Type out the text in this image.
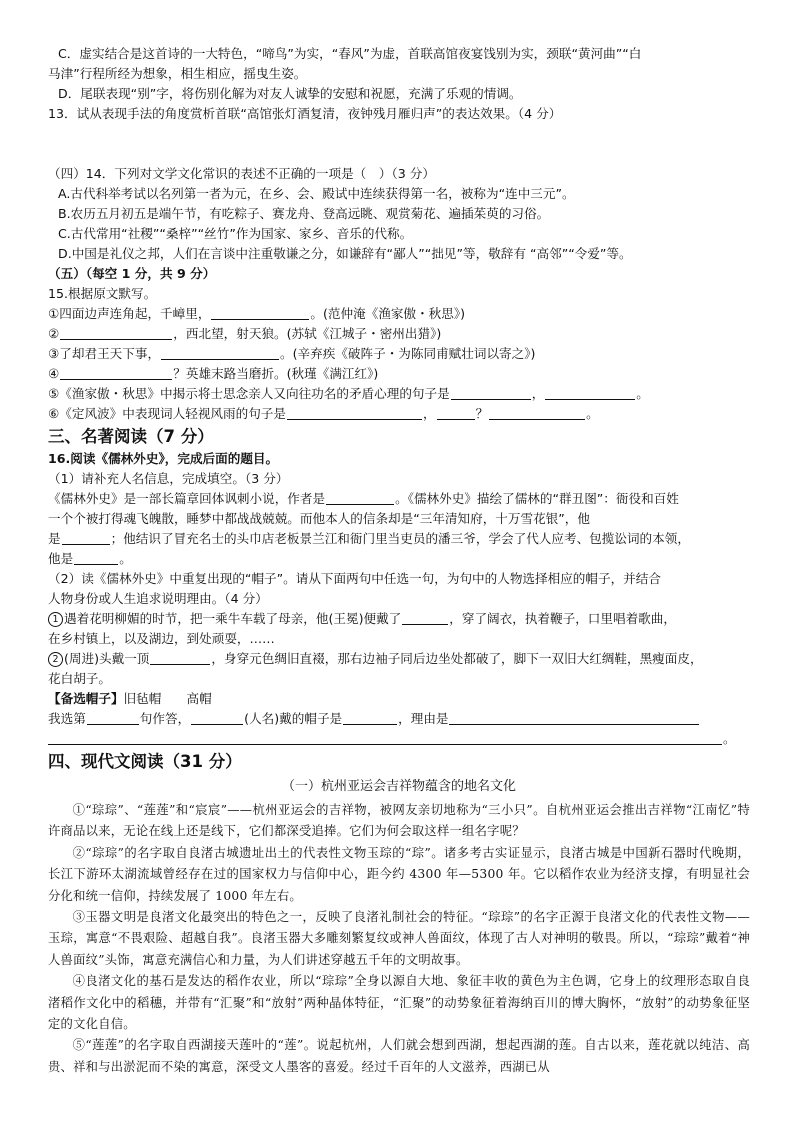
C．虚实结合是这首诗的一大特色，“啼鸟”为实，“春风”为虚，首联高馆夜宴饯别为实，颈联“黄河曲”“白
马津”行程所经为想象，相生相应，摇曳生姿。
D．尾联表现“别”字，将伤别化解为对友人诚挚的安慰和祝愿，充满了乐观的情调。
13．试从表现手法的角度赏析首联“高馆张灯酒复清，夜钟残月雁归声”的表达效果。（4 分）
（四）14．下列对文学文化常识的表述不正确的一项是（　）（3 分）
A.古代科举考试以名列第一者为元，在乡、会、殿试中连续获得第一名，被称为“连中三元”。
B.农历五月初五是端午节，有吃粽子、赛龙舟、登高远眺、观赏菊花、遍插茱萸的习俗。
C.古代常用“社稷”“桑梓”“丝竹”作为国家、家乡、音乐的代称。
D.中国是礼仪之邦，人们在言谈中注重敬谦之分，如谦辞有“鄙人”“拙见”等，敬辞有 “高邻”“令爱”等。
（五）（每空 1 分，共 9 分）
15.根据原文默写。
①四面边声连角起，千嶂里，	。(范仲淹《渔家傲・秋思》)
②	，西北望，射天狼。(苏轼《江城子・密州出猎》)
③了却君王天下事，	。(辛弃疾《破阵子・为陈同甫赋壮词以寄之》)
④	？英雄末路当磨折。(秋瑾《满江红》)
⑤《渔家傲・秋思》中揭示将士思念亲人又向往功名的矛盾心理的句子是	，	。
⑥《定风波》中表现词人轻视风雨的句子是	，	？	。
三、名著阅读（7 分）
16.阅读《儒林外史》，完成后面的题目。
（1）请补充人名信息，完成填空。（3 分）
《儒林外史》是一部长篇章回体讽刺小说，作者是	。《儒林外史》描绘了儒林的“群丑图”：衙役和百姓
一个个被打得魂飞魄散，睡梦中都战战兢兢。而他本人的信条却是“三年清知府，十万雪花银”，他
是	；他结识了冒充名士的头巾店老板景兰江和衙门里当吏员的潘三爷，学会了代人应考、包揽讼词的本领，
他是	。
（2）读《儒林外史》中重复出现的“帽子”。请从下面两句中任选一句，为句中的人物选择相应的帽子，并结合
人物身份或人生追求说明理由。（4 分）
1 遇着花明柳媚的时节，把一乘牛车载了母亲，他(王冕)便戴了	，穿了阔衣，执着鞭子，口里唱着歌曲，
在乡村镇上，以及湖边，到处顽耍，……
2 (周进)头戴一顶	，身穿元色绸旧直裰，那右边袖子同后边坐处都破了，脚下一双旧大红绸鞋，黑瘦面皮，
花白胡子。
【备选帽子】旧毡帽　　高帽
我选第	句作答，	(人名)戴的帽子是	，理由是
。
四、现代文阅读（31 分）
（一）杭州亚运会吉祥物蕴含的地名文化

①“琮琮”、“莲莲”和“宸宸”——杭州亚运会的吉祥物，被网友亲切地称为“三小只”。自杭州亚运会推出吉祥物“江南忆”特许商品以来，无论在线上还是线下，它们都深受追捧。它们为何会取这样一组名字呢？

②“琮琮”的名字取自良渚古城遗址出土的代表性文物玉琮的“琮”。诸多考古实证显示，良渚古城是中国新石器时代晚期，长江下游环太湖流域曾经存在过的国家权力与信仰中心，距今约 4300 年—5300 年。它以稻作农业为经济支撑，有明显社会分化和统一信仰，持续发展了 1000 年左右。

③玉器文明是良渚文化最突出的特色之一，反映了良渚礼制社会的特征。“琮琮”的名字正源于良渚文化的代表性文物——玉琮，寓意“不畏艰险、超越自我”。良渚玉器大多雕刻繁复纹或神人兽面纹，体现了古人对神明的敬畏。所以，“琮琮”戴着“神人兽面纹”头饰，寓意充满信心和力量，为人们讲述穿越五千年的文明故事。

④良渚文化的基石是发达的稻作农业，所以“琮琮”全身以源自大地、象征丰收的黄色为主色调，它身上的纹理形态取自良渚稻作文化中的稻穗，并带有“汇聚”和“放射”两种晶体特征，“汇聚”的动势象征着海纳百川的博大胸怀，“放射”的动势象征坚定的文化自信。

⑤“莲莲”的名字取自西湖接天莲叶的“莲”。说起杭州，人们就会想到西湖，想起西湖的莲。自古以来，莲花就以纯洁、高贵、祥和与出淤泥而不染的寓意，深受文人墨客的喜爱。经过千百年的人文滋养，西湖已从
